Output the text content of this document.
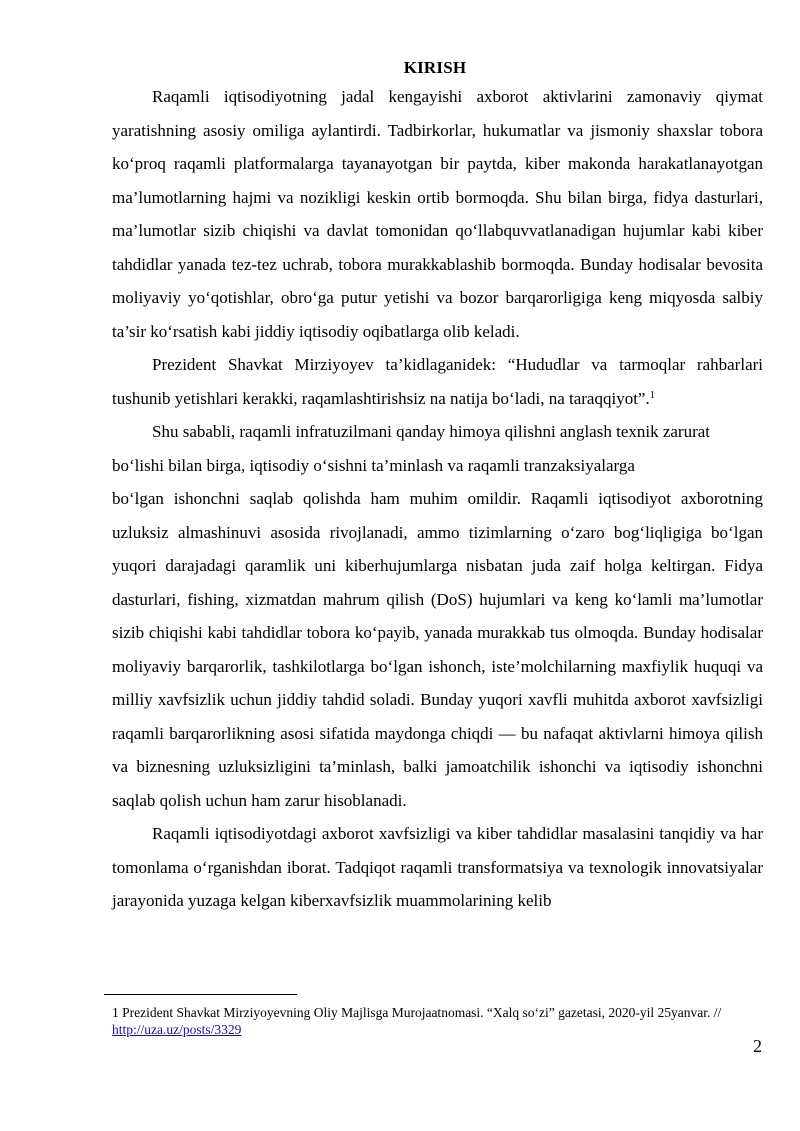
KIRISH

Raqamli iqtisodiyotning jadal kengayishi axborot aktivlarini zamonaviy qiymat yaratishning asosiy omiliga aylantirdi. Tadbirkorlar, hukumatlar va jismoniy shaxslar tobora ko‘proq raqamli platformalarga tayanayotgan bir paytda, kiber makonda harakatlanayotgan ma’lumotlarning hajmi va nozikligi keskin ortib bormoqda. Shu bilan birga, fidya dasturlari, ma’lumotlar sizib chiqishi va davlat tomonidan qo‘llabquvvatlanadigan hujumlar kabi kiber tahdidlar yanada tez-tez uchrab, tobora murakkablashib bormoqda. Bunday hodisalar bevosita moliyaviy yo‘qotishlar, obro‘ga putur yetishi va bozor barqarorligiga keng miqyosda salbiy ta’sir ko‘rsatish kabi jiddiy iqtisodiy oqibatlarga olib keladi.

Prezident Shavkat Mirziyoyev ta’kidlaganidek: “Hududlar va tarmoqlar rahbarlari tushunib yetishlari kerakki, raqamlashtirishsiz na natija bo‘ladi, na taraqqiyot”.$^1$

Shu sababli, raqamli infratuzilmani qanday himoya qilishni anglash texnik zarurat bo‘lishi bilan birga, iqtisodiy o‘sishni ta’minlash va raqamli tranzaksiyalarga

bo‘lgan ishonchni saqlab qolishda ham muhim omildir. Raqamli iqtisodiyot axborotning uzluksiz almashinuvi asosida rivojlanadi, ammo tizimlarning o‘zaro bog‘liqligiga bo‘lgan yuqori darajadagi qaramlik uni kiberhujumlarga nisbatan juda zaif holga keltirgan. Fidya dasturlari, fishing, xizmatdan mahrum qilish (DoS) hujumlari va keng ko‘lamli ma’lumotlar sizib chiqishi kabi tahdidlar tobora ko‘payib, yanada murakkab tus olmoqda. Bunday hodisalar moliyaviy barqarorlik, tashkilotlarga bo‘lgan ishonch, iste’molchilarning maxfiylik huquqi va milliy xavfsizlik uchun jiddiy tahdid soladi. Bunday yuqori xavfli muhitda axborot xavfsizligi raqamli barqarorlikning asosi sifatida maydonga chiqdi — bu nafaqat aktivlarni himoya qilish va biznesning uzluksizligini ta’minlash, balki jamoatchilik ishonchi va iqtisodiy ishonchni saqlab qolish uchun ham zarur hisoblanadi.

Raqamli iqtisodiyotdagi axborot xavfsizligi va kiber tahdidlar masalasini tanqidiy va har tomonlama o‘rganishdan iborat. Tadqiqot raqamli transformatsiya va texnologik innovatsiyalar jarayonida yuzaga kelgan kiberxavfsizlik muammolarining kelib

1 Prezident Shavkat Mirziyoyevning Oliy Majlisga Murojaatnomasi. “Xalq so‘zi” gazetasi, 2020-yil 25yanvar. // http://uza.uz/posts/3329
2
